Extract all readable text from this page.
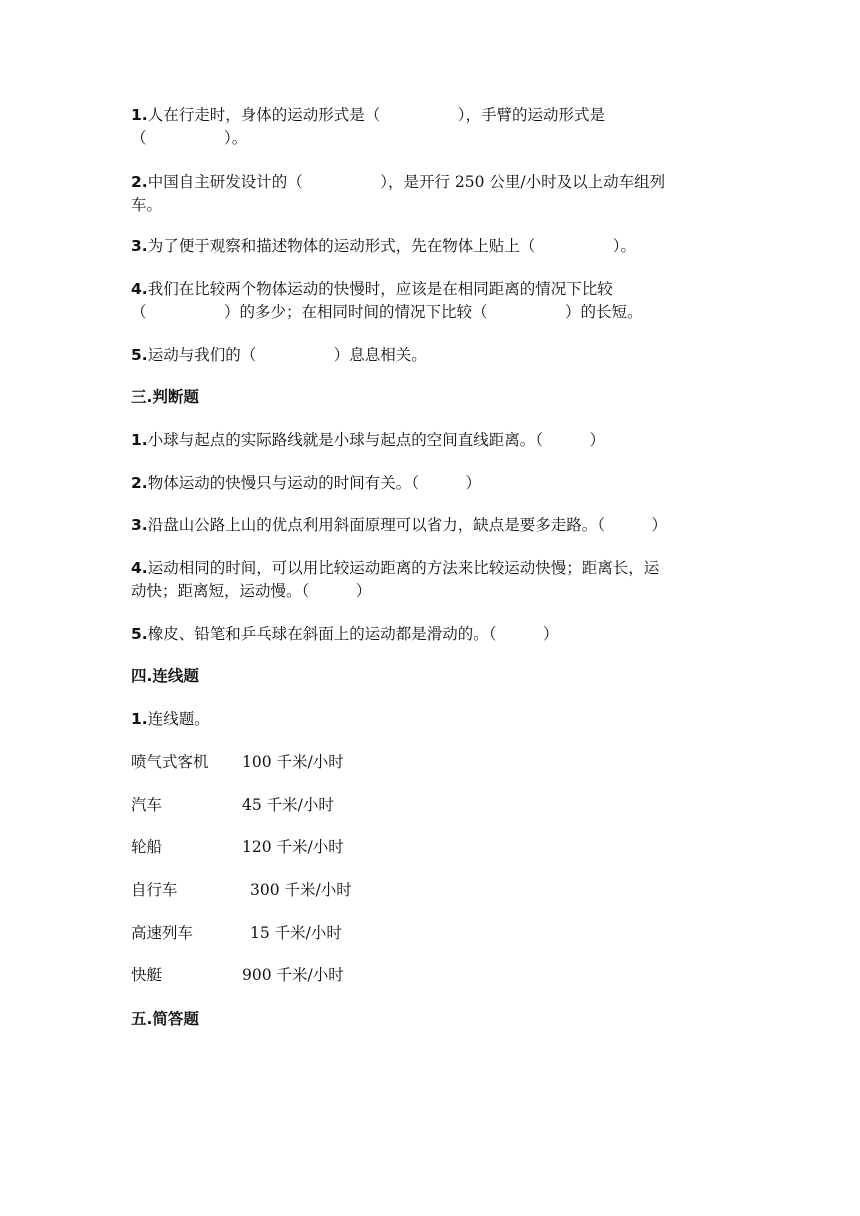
1.人在行走时，身体的运动形式是（　　　　　），手臂的运动形式是
（　　　　　）。
2.中国自主研发设计的（　　　　　），是开行 250 公里/小时及以上动车组列
车。
3.为了便于观察和描述物体的运动形式，先在物体上贴上（　　　　　）。
4.我们在比较两个物体运动的快慢时，应该是在相同距离的情况下比较
（　　　　　）的多少；在相同时间的情况下比较（　　　　　）的长短。
5.运动与我们的（　　　　　）息息相关。
三.判断题
1.小球与起点的实际路线就是小球与起点的空间直线距离。（　　　）
2.物体运动的快慢只与运动的时间有关。（　　　）
3.沿盘山公路上山的优点利用斜面原理可以省力，缺点是要多走路。（　　　）
4.运动相同的时间，可以用比较运动距离的方法来比较运动快慢；距离长，运
动快；距离短，运动慢。（　　　）
5.橡皮、铅笔和乒乓球在斜面上的运动都是滑动的。（　　　）
四.连线题
1.连线题。
喷气式客机 100 千米/小时
汽车	45 千米/小时
轮船	120 千米/小时
自行车	300 千米/小时
高速列车	15 千米/小时
快艇	900 千米/小时
五.简答题
